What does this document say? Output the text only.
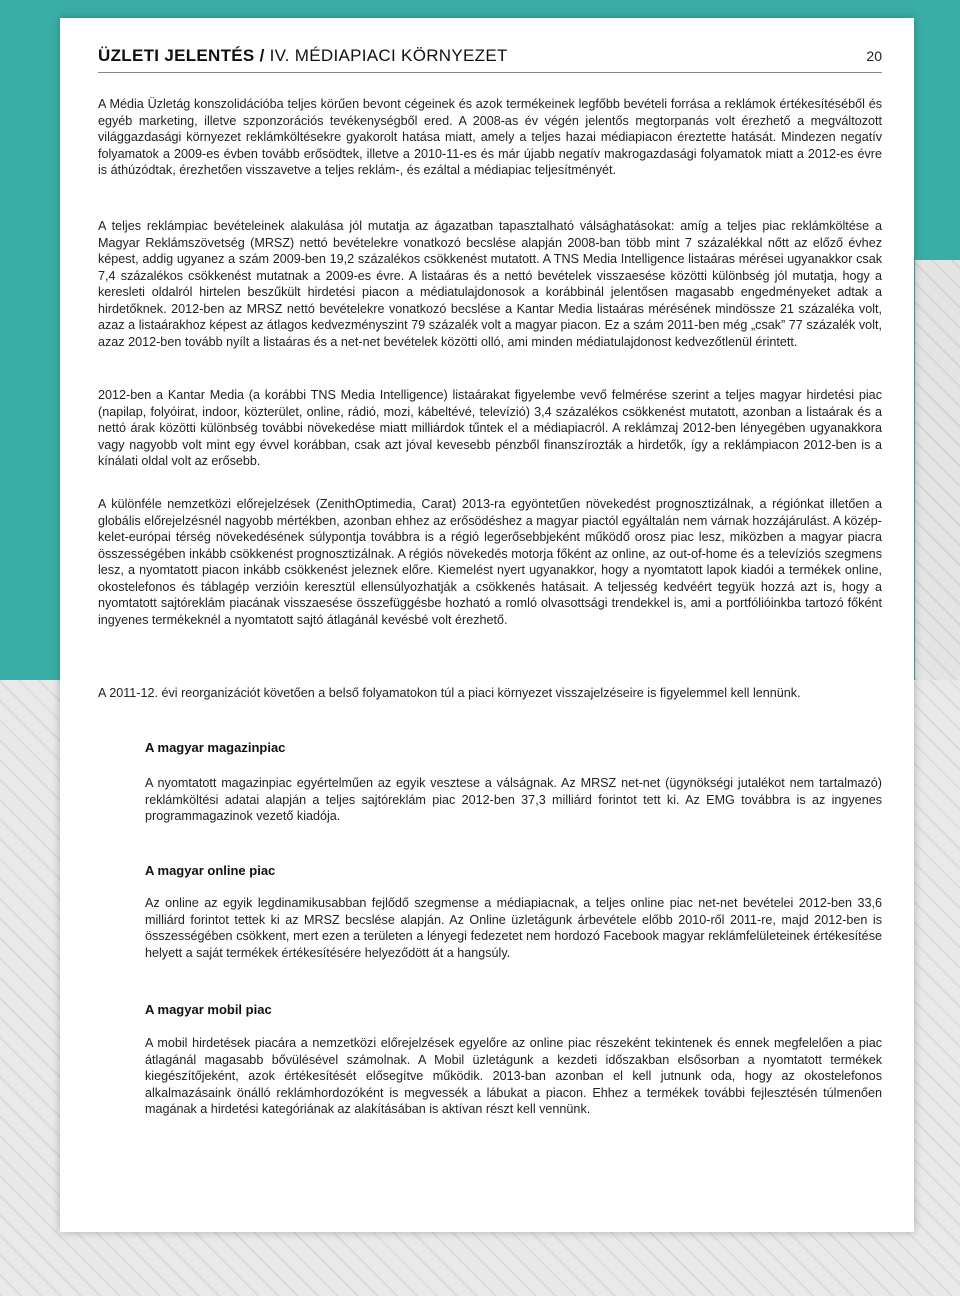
ÜZLETI JELENTÉS / IV. MÉDIAPIACI KÖRNYEZET	20
A Média Üzletág konszolidációba teljes körűen bevont cégeinek és azok termékeinek legfőbb bevételi forrása a reklámok értékesítéséből és egyéb marketing, illetve szponzorációs tevékenységből ered. A 2008-as év végén jelentős megtorpanás volt érezhető a megváltozott világgazdasági környezet reklámköltésekre gyakorolt hatása miatt, amely a teljes hazai médiapiacon éreztette hatását. Mindezen negatív folyamatok a 2009-es évben tovább erősödtek, illetve a 2010-11-es és már újabb negatív makrogazdasági folyamatok miatt a 2012-es évre is áthúzódtak, érezhetően visszavetve a teljes reklám-, és ezáltal a médiapiac teljesítményét.
A teljes reklámpiac bevételeinek alakulása jól mutatja az ágazatban tapasztalható válsághatásokat: amíg a teljes piac reklámköltése a Magyar Reklámszövetség (MRSZ) nettó bevételekre vonatkozó becslése alapján 2008-ban több mint 7 százalékkal nőtt az előző évhez képest, addig ugyanez a szám 2009-ben 19,2 százalékos csökkenést mutatott. A TNS Media Intelligence listaáras mérései ugyanakkor csak 7,4 százalékos csökkenést mutatnak a 2009-es évre. A listaáras és a nettó bevételek visszaesése közötti különbség jól mutatja, hogy a keresleti oldalról hirtelen beszűkült hirdetési piacon a médiatulajdonosok a korábbinál jelentősen magasabb engedményeket adtak a hirdetőknek. 2012-ben az MRSZ nettó bevételekre vonatkozó becslése a Kantar Media listaáras mérésének mindössze 21 százaléka volt, azaz a listaárakhoz képest az átlagos kedvezményszint 79 százalék volt a magyar piacon. Ez a szám 2011-ben még „csak” 77 százalék volt, azaz 2012-ben tovább nyílt a listaáras és a net-net bevételek közötti olló, ami minden médiatulajdonost kedvezőtlenül érintett.
2012-ben a Kantar Media (a korábbi TNS Media Intelligence) listaárakat figyelembe vevő felmérése szerint a teljes magyar hirdetési piac (napilap, folyóirat, indoor, közterület, online, rádió, mozi, kábeltévé, televízió) 3,4 százalékos csökkenést mutatott, azonban a listaárak és a nettó árak közötti különbség további növekedése miatt milliárdok tűntek el a médiapiacról. A reklámzaj 2012-ben lényegében ugyanakkora vagy nagyobb volt mint egy évvel korábban, csak azt jóval kevesebb pénzből finanszírozták a hirdetők, így a reklámpiacon 2012-ben is a kínálati oldal volt az erősebb.
A különféle nemzetközi előrejelzések (ZenithOptimedia, Carat) 2013-ra egyöntetűen növekedést prognosztizálnak, a régiónkat illetően a globális előrejelzésnél nagyobb mértékben, azonban ehhez az erősödéshez a magyar piactól egyáltalán nem várnak hozzájárulást. A közép-kelet-európai térség növekedésének súlypontja továbbra is a régió legerősebbjeként működő orosz piac lesz, miközben a magyar piacra összességében inkább csökkenést prognosztizálnak. A régiós növekedés motorja főként az online, az out-of-home és a televíziós szegmens lesz, a nyomtatott piacon inkább csökkenést jeleznek előre. Kiemelést nyert ugyanakkor, hogy a nyomtatott lapok kiadói a termékek online, okostelefonos és táblagép verzióin keresztül ellensúlyozhatják a csökkenés hatásait. A teljesség kedvéért tegyük hozzá azt is, hogy a nyomtatott sajtóreklám piacának visszaesése összefüggésbe hozható a romló olvasottsági trendekkel is, ami a portfólióinkba tartozó főként ingyenes termékeknél a nyomtatott sajtó átlagánál kevésbé volt érezhető.
A 2011-12. évi reorganizációt követően a belső folyamatokon túl a piaci környezet visszajelzéseire is figyelemmel kell lennünk.
A magyar magazinpiac
A nyomtatott magazinpiac egyértelműen az egyik vesztese a válságnak. Az MRSZ net-net (ügynökségi jutalékot nem tartalmazó) reklámköltési adatai alapján a teljes sajtóreklám piac 2012-ben 37,3 milliárd forintot tett ki. Az EMG továbbra is az ingyenes programmagazinok vezető kiadója.
A magyar online piac
Az online az egyik legdinamikusabban fejlődő szegmense a médiapiacnak, a teljes online piac net-net bevételei 2012-ben 33,6 milliárd forintot tettek ki az MRSZ becslése alapján. Az Online üzletágunk árbevétele előbb 2010-ről 2011-re, majd 2012-ben is összességében csökkent, mert ezen a területen a lényegi fedezetet nem hordozó Facebook magyar reklámfelületeinek értékesítése helyett a saját termékek értékesítésére helyeződött át a hangsúly.
A magyar mobil piac
A mobil hirdetések piacára a nemzetközi előrejelzések egyelőre az online piac részeként tekintenek és ennek megfelelően a piac átlagánál magasabb bővülésével számolnak. A Mobil üzletágunk a kezdeti időszakban elsősorban a nyomtatott termékek kiegészítőjeként, azok értékesítését elősegítve működik. 2013-ban azonban el kell jutnunk oda, hogy az okostelefonos alkalmazásaink önálló reklámhordozóként is megvessék a lábukat a piacon. Ehhez a termékek további fejlesztésén túlmenően magának a hirdetési kategóriának az alakításában is aktívan részt kell vennünk.
